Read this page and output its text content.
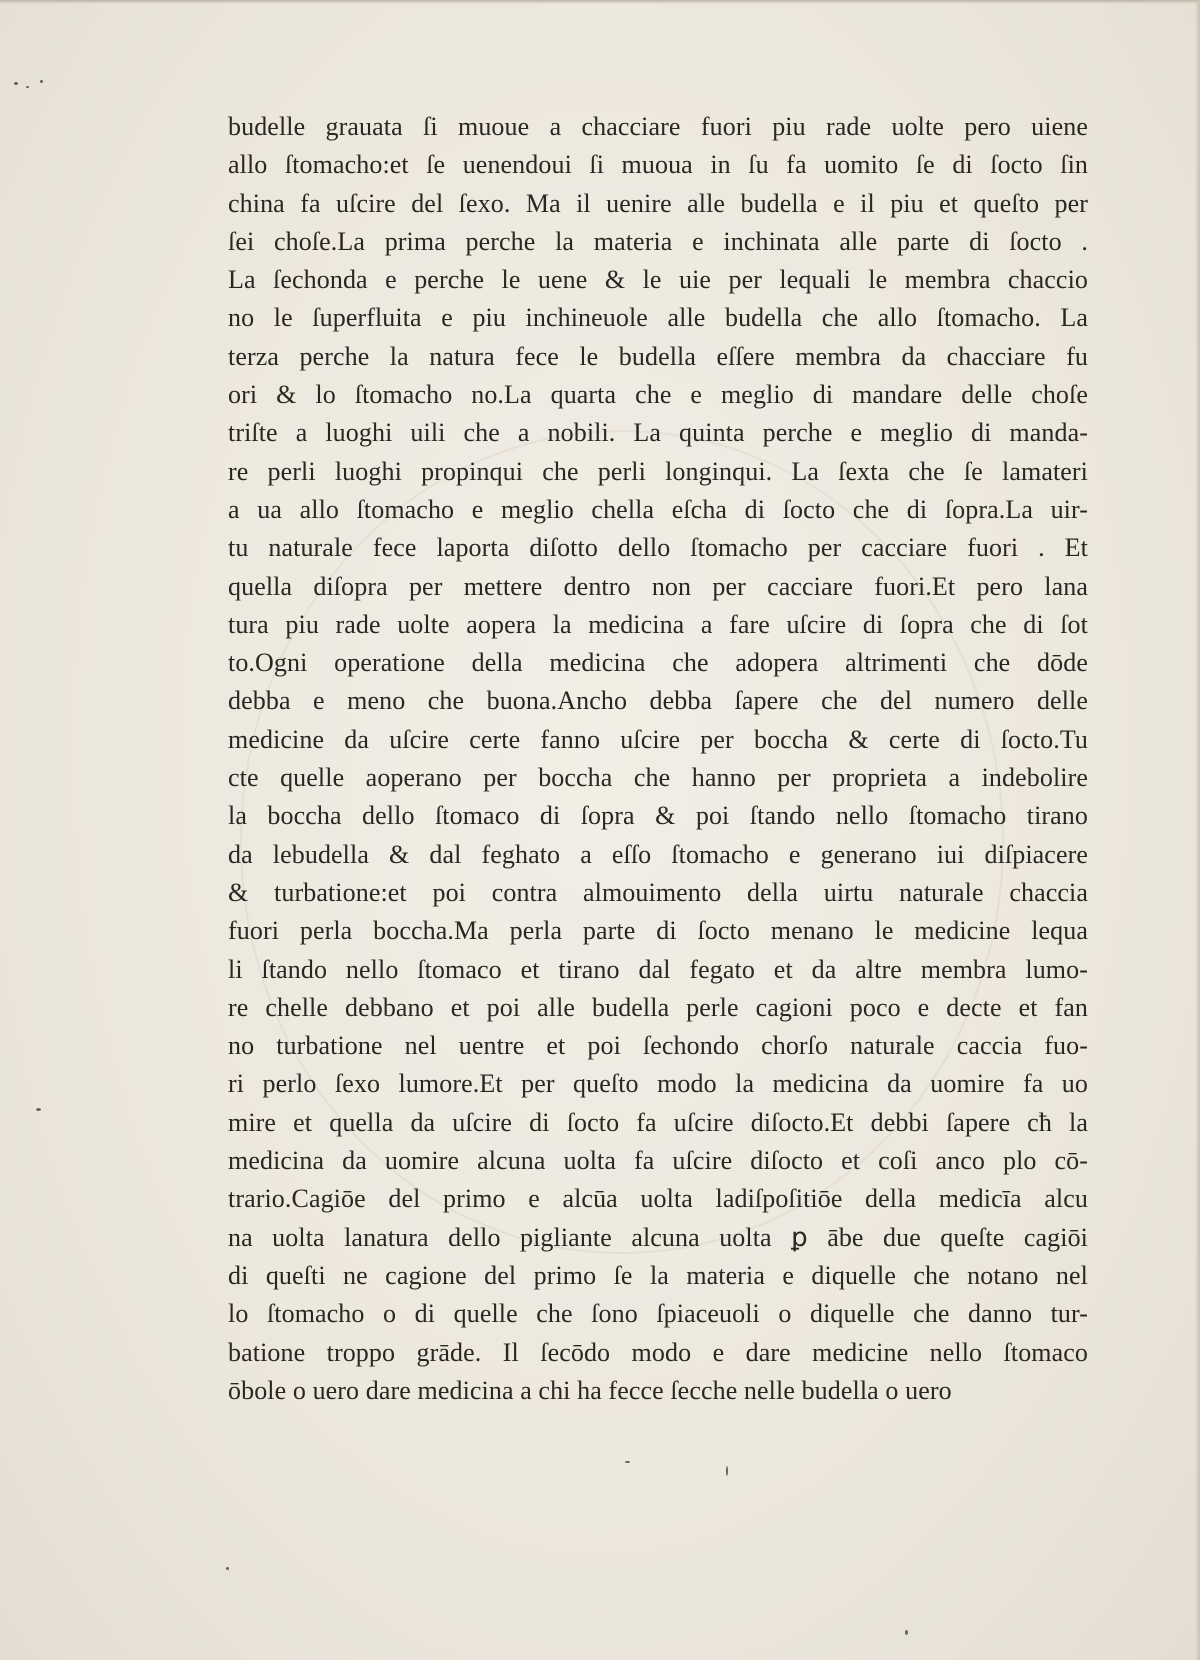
budelle grauata ſi muoue a chacciare fuori piu rade uolte pero uiene
allo ſtomacho:et ſe uenendoui ſi muoua in ſu fa uomito ſe di ſocto ſin
china fa uſcire del ſexo. Ma il uenire alle budella e il piu et queſto per
ſei choſe.La prima perche la materia e inchinata alle parte di ſocto .
La ſechonda e perche le uene & le uie per lequali le membra chaccio
no le ſuperfluita e piu inchineuole alle budella che allo ſtomacho. La
terza perche la natura fece le budella eſſere membra da chacciare fu
ori & lo ſtomacho no.La quarta che e meglio di mandare delle choſe
triſte a luoghi uili che a nobili. La quinta perche e meglio di manda-
re perli luoghi propinqui che perli longinqui. La ſexta che ſe lamateri
a ua allo ſtomacho e meglio chella eſcha di ſocto che di ſopra.La uir-
tu naturale fece laporta diſotto dello ſtomacho per cacciare fuori . Et
quella diſopra per mettere dentro non per cacciare fuori.Et pero lana
tura piu rade uolte aopera la medicina a fare uſcire di ſopra che di ſot
to.Ogni operatione della medicina che adopera altrimenti che dōde
debba e meno che buona.Ancho debba ſapere che del numero delle
medicine da uſcire certe fanno uſcire per boccha & certe di ſocto.Tu
cte quelle aoperano per boccha che hanno per proprieta a indebolire
la boccha dello ſtomaco di ſopra & poi ſtando nello ſtomacho tirano
da lebudella & dal feghato a eſſo ſtomacho e generano iui diſpiacere
& turbatione:et poi contra almouimento della uirtu naturale chaccia
fuori perla boccha.Ma perla parte di ſocto menano le medicine lequa
li ſtando nello ſtomaco et tirano dal fegato et da altre membra lumo-
re chelle debbano et poi alle budella perle cagioni poco e decte et fan
no turbatione nel uentre et poi ſechondo chorſo naturale caccia fuo-
ri perlo ſexo lumore.Et per queſto modo la medicina da uomire fa uo
mire et quella da uſcire di ſocto fa uſcire diſocto.Et debbi ſapere cħ la
medicina da uomire alcuna uolta fa uſcire diſocto et coſi anco plo cō-
trario.Cagiōe del primo e alcūa uolta ladiſpoſitiōe della medicīa alcu
na uolta lanatura dello pigliante alcuna uolta ꝑ ābe due queſte cagiōi
di queſti ne cagione del primo ſe la materia e diquelle che notano nel
lo ſtomacho o di quelle che ſono ſpiaceuoli o diquelle che danno tur-
batione troppo grāde. Il ſecōdo modo e dare medicine nello ſtomaco
ōbole o uero dare medicina a chi ha fecce ſecche nelle budella o uero
